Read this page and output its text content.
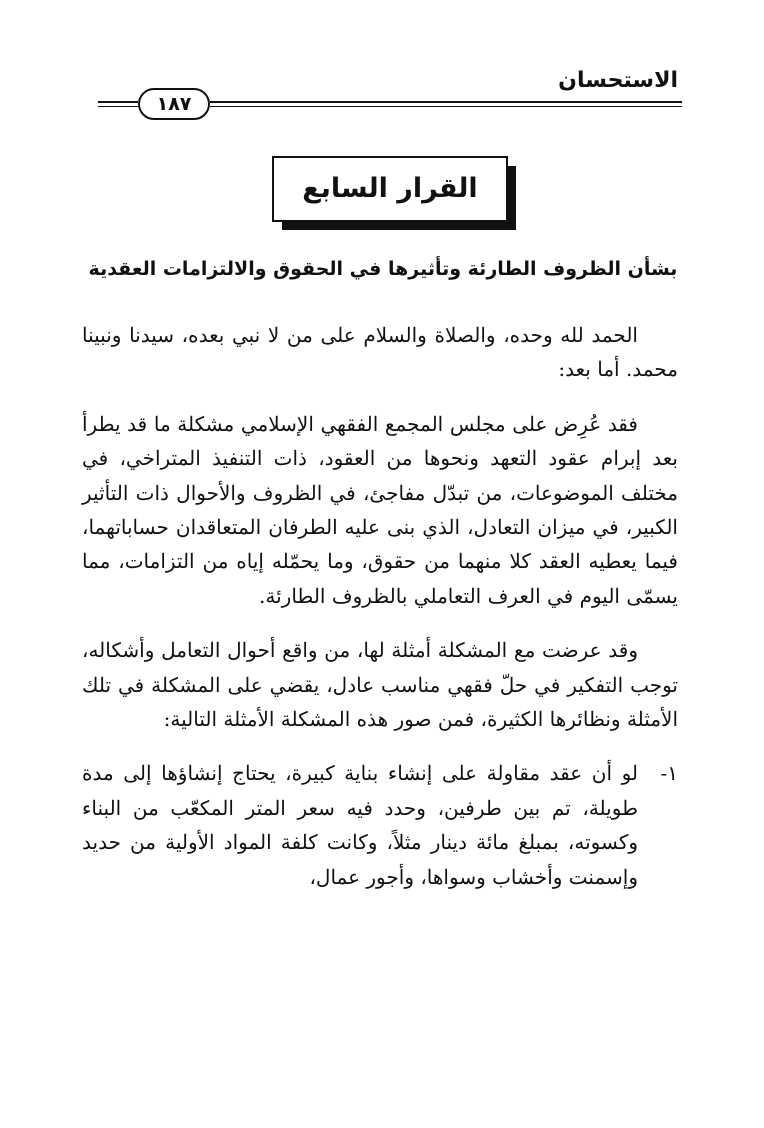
الاستحسان
١٨٧
القرار السابع
بشأن الظروف الطارئة وتأثيرها في الحقوق والالتزامات العقدية

الحمد لله وحده، والصلاة والسلام على من لا نبي بعده، سيدنا ونبينا محمد. أما بعد:

فقد عُرِض على مجلس المجمع الفقهي الإسلامي مشكلة ما قد يطرأ بعد إبرام عقود التعهد ونحوها من العقود، ذات التنفيذ المتراخي، في مختلف الموضوعات، من تبدّل مفاجئ، في الظروف والأحوال ذات التأثير الكبير، في ميزان التعادل، الذي بنى عليه الطرفان المتعاقدان حساباتهما، فيما يعطيه العقد كلا منهما من حقوق، وما يحمّله إياه من التزامات، مما يسمّى اليوم في العرف التعاملي بالظروف الطارئة.

وقد عرضت مع المشكلة أمثلة لها، من واقع أحوال التعامل وأشكاله، توجب التفكير في حلّ فقهي مناسب عادل، يقضي على المشكلة في تلك الأمثلة ونظائرها الكثيرة، فمن صور هذه المشكلة الأمثلة التالية:

١-
لو أن عقد مقاولة على إنشاء بناية كبيرة، يحتاج إنشاؤها إلى مدة طويلة، تم بين طرفين، وحدد فيه سعر المتر المكعّب من البناء وكسوته، بمبلغ مائة دينار مثلاً، وكانت كلفة المواد الأولية من حديد وإسمنت وأخشاب وسواها، وأجور عمال،
